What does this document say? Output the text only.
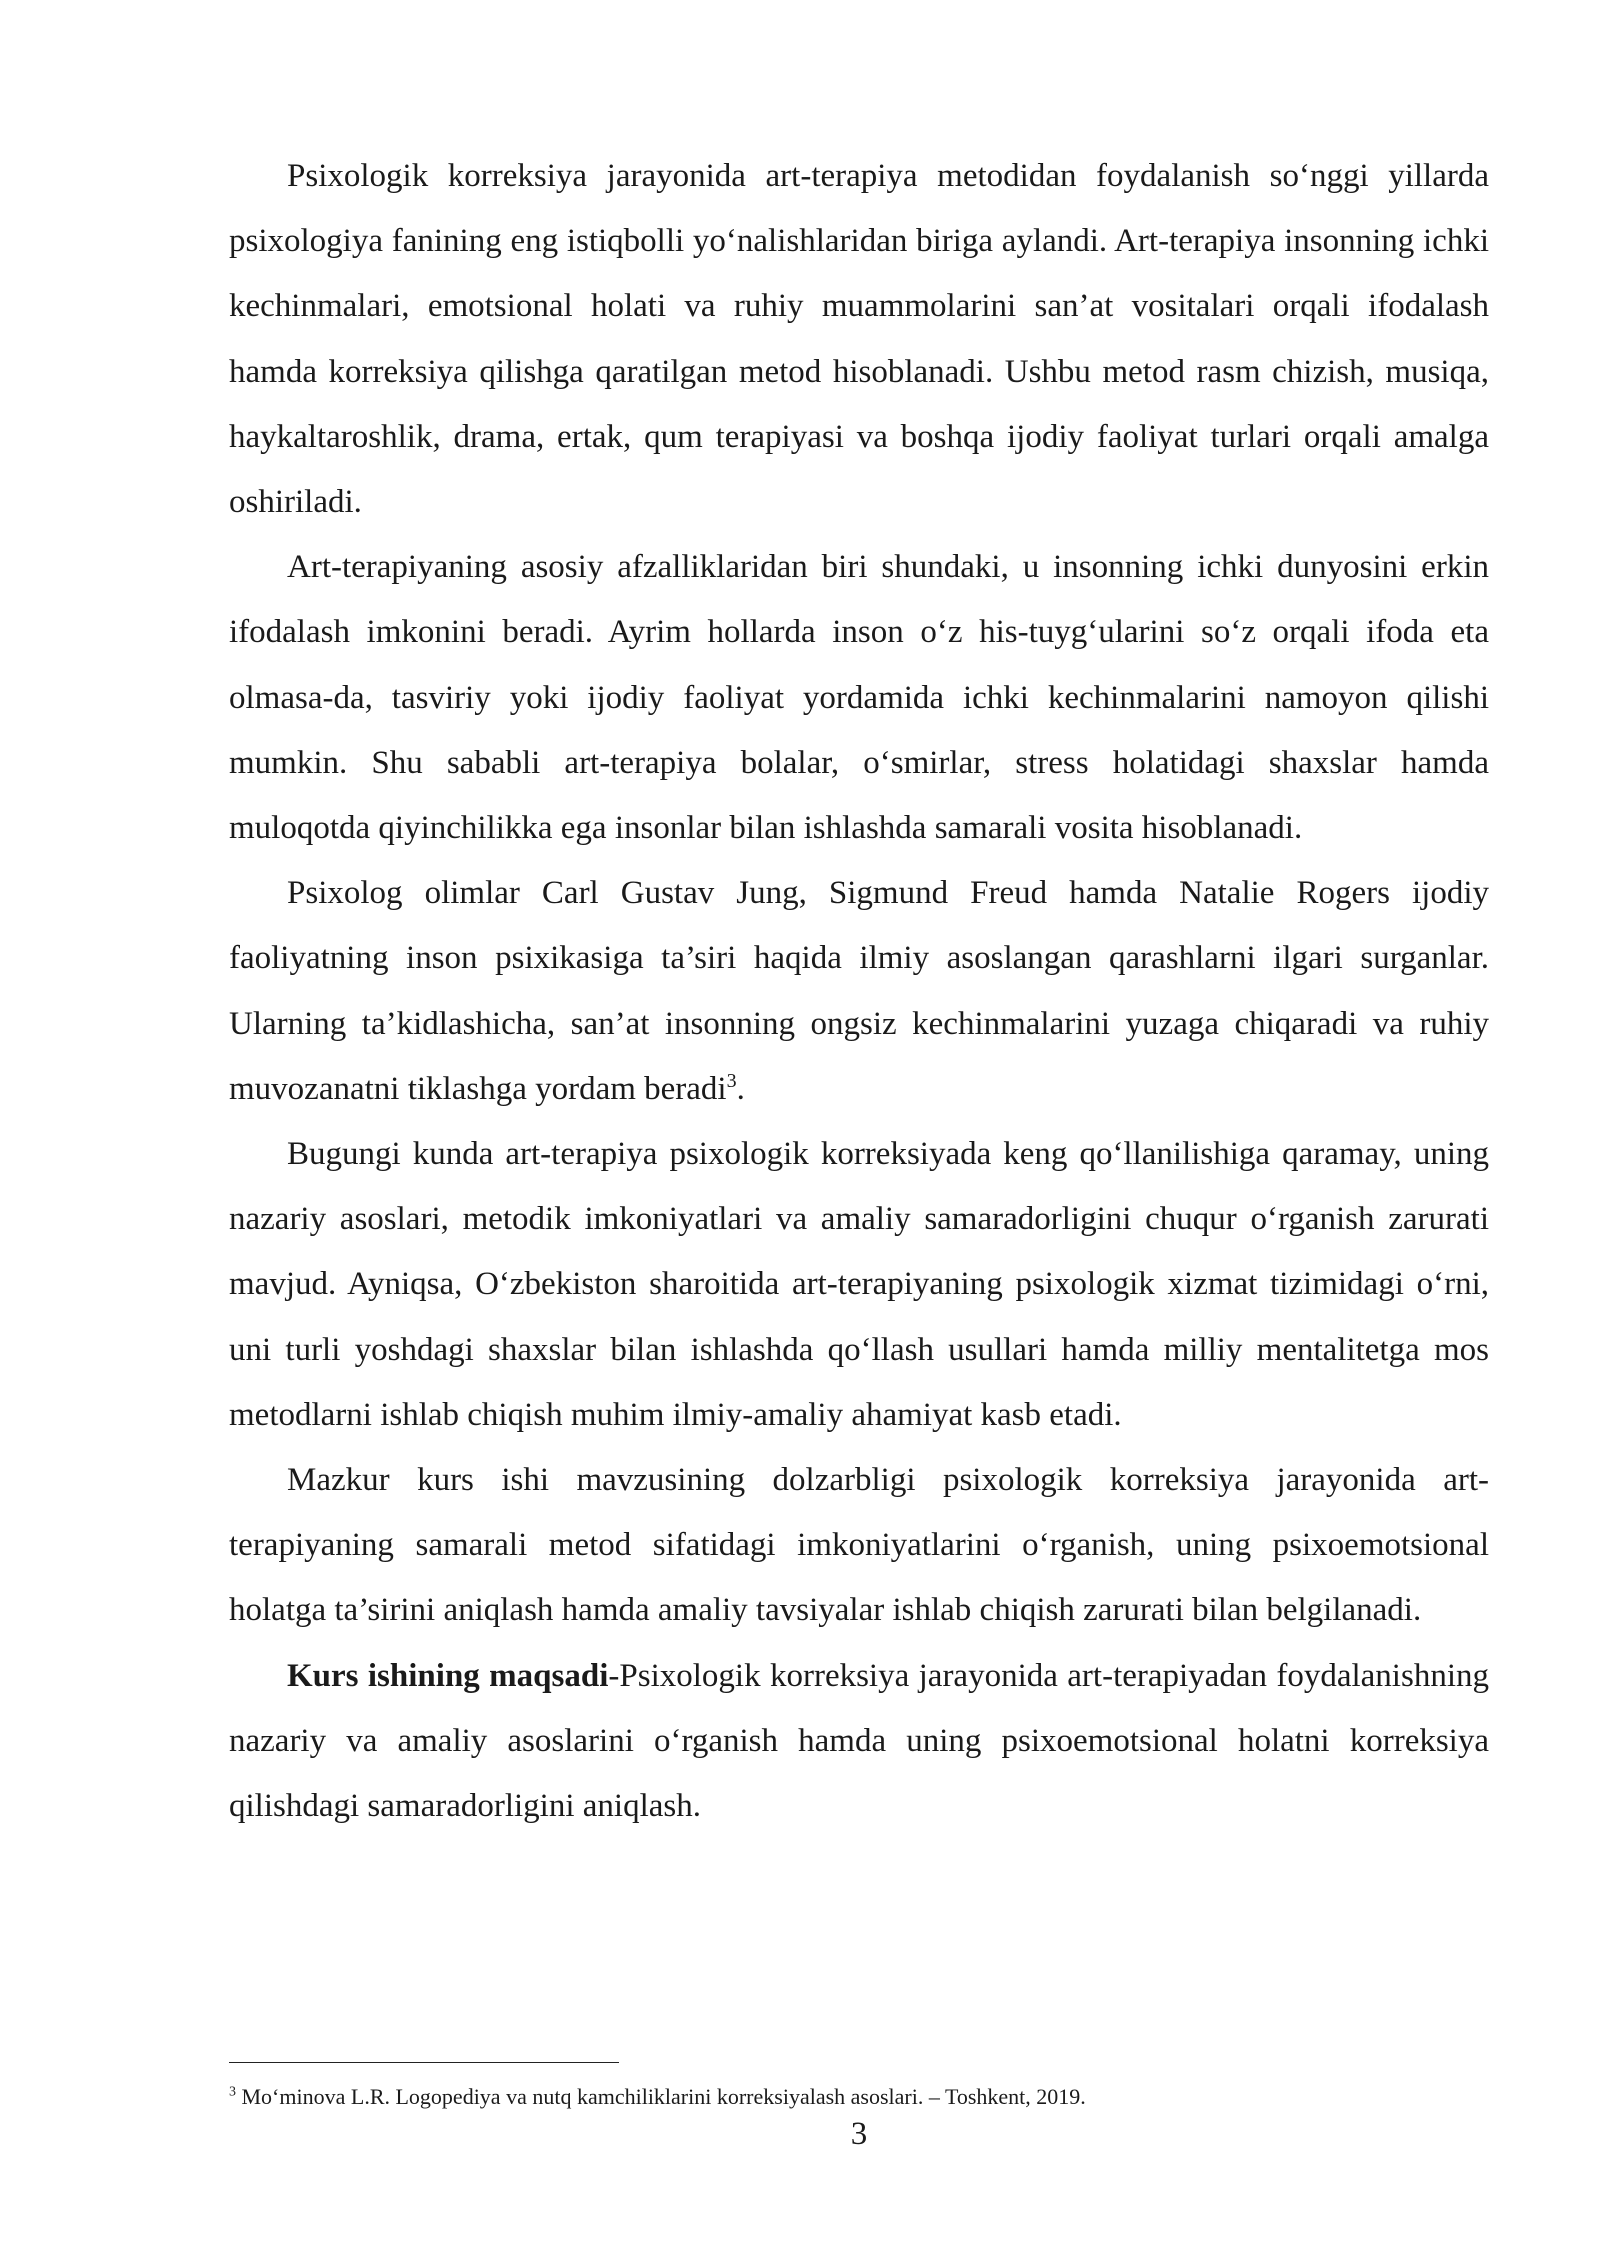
Psixologik korreksiya jarayonida art-terapiya metodidan foydalanish so‘nggi yillarda psixologiya fanining eng istiqbolli yo‘nalishlaridan biriga aylandi. Art-terapiya insonning ichki kechinmalari, emotsional holati va ruhiy muammolarini san’at vositalari orqali ifodalash hamda korreksiya qilishga qaratilgan metod hisoblanadi. Ushbu metod rasm chizish, musiqa, haykaltaroshlik, drama, ertak, qum terapiyasi va boshqa ijodiy faoliyat turlari orqali amalga oshiriladi.

Art-terapiyaning asosiy afzalliklaridan biri shundaki, u insonning ichki dunyosini erkin ifodalash imkonini beradi. Ayrim hollarda inson o‘z his-tuyg‘ularini so‘z orqali ifoda eta olmasa-da, tasviriy yoki ijodiy faoliyat yordamida ichki kechinmalarini namoyon qilishi mumkin. Shu sababli art-terapiya bolalar, o‘smirlar, stress holatidagi shaxslar hamda muloqotda qiyinchilikka ega insonlar bilan ishlashda samarali vosita hisoblanadi.

Psixolog olimlar Carl Gustav Jung, Sigmund Freud hamda Natalie Rogers ijodiy faoliyatning inson psixikasiga ta’siri haqida ilmiy asoslangan qarashlarni ilgari surganlar. Ularning ta’kidlashicha, san’at insonning ongsiz kechinmalarini yuzaga chiqaradi va ruhiy muvozanatni tiklashga yordam beradi$^3$.

Bugungi kunda art-terapiya psixologik korreksiyada keng qo‘llanilishiga qaramay, uning nazariy asoslari, metodik imkoniyatlari va amaliy samaradorligini chuqur o‘rganish zarurati mavjud. Ayniqsa, O‘zbekiston sharoitida art-terapiyaning psixologik xizmat tizimidagi o‘rni, uni turli yoshdagi shaxslar bilan ishlashda qo‘llash usullari hamda milliy mentalitetga mos metodlarni ishlab chiqish muhim ilmiy-amaliy ahamiyat kasb etadi.

Mazkur kurs ishi mavzusining dolzarbligi psixologik korreksiya jarayonida art-terapiyaning samarali metod sifatidagi imkoniyatlarini o‘rganish, uning psixoemotsional holatga ta’sirini aniqlash hamda amaliy tavsiyalar ishlab chiqish zarurati bilan belgilanadi.

Kurs ishining maqsadi-Psixologik korreksiya jarayonida art-terapiyadan foydalanishning nazariy va amaliy asoslarini o‘rganish hamda uning psixoemotsional holatni korreksiya qilishdagi samaradorligini aniqlash.

$^3$ Mo‘minova L.R. Logopediya va nutq kamchiliklarini korreksiyalash asoslari. – Toshkent, 2019.

3
